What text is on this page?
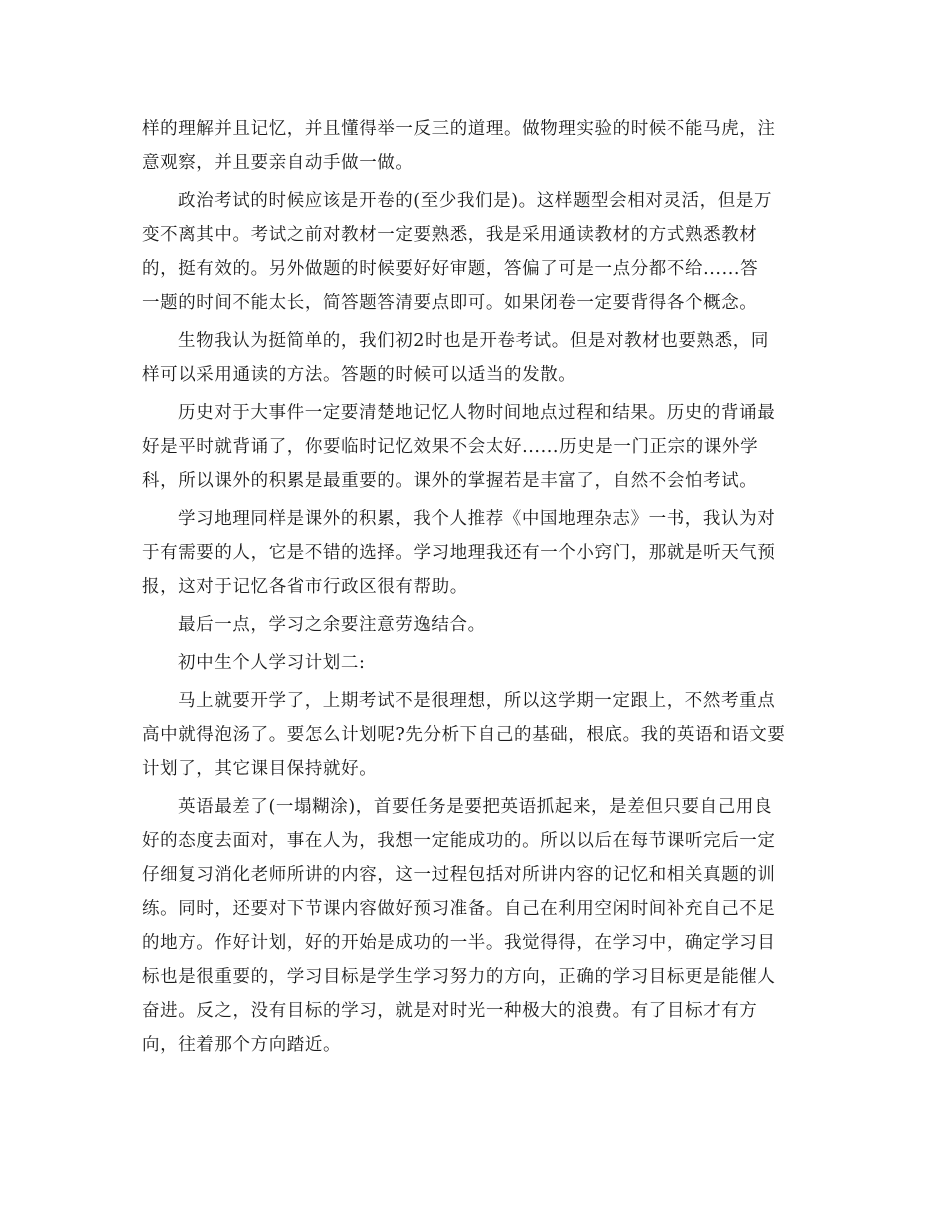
样的理解并且记忆，并且懂得举一反三的道理。做物理实验的时候不能马虎，注
意观察，并且要亲自动手做一做。
政治考试的时候应该是开卷的(至少我们是)。这样题型会相对灵活，但是万
变不离其中。考试之前对教材一定要熟悉，我是采用通读教材的方式熟悉教材
的，挺有效的。另外做题的时候要好好审题，答偏了可是一点分都不给......答
一题的时间不能太长，简答题答清要点即可。如果闭卷一定要背得各个概念。
生物我认为挺简单的，我们初2时也是开卷考试。但是对教材也要熟悉，同
样可以采用通读的方法。答题的时候可以适当的发散。
历史对于大事件一定要清楚地记忆人物时间地点过程和结果。历史的背诵最
好是平时就背诵了，你要临时记忆效果不会太好......历史是一门正宗的课外学
科，所以课外的积累是最重要的。课外的掌握若是丰富了，自然不会怕考试。
学习地理同样是课外的积累，我个人推荐《中国地理杂志》一书，我认为对
于有需要的人，它是不错的选择。学习地理我还有一个小窍门，那就是听天气预
报，这对于记忆各省市行政区很有帮助。
最后一点，学习之余要注意劳逸结合。
初中生个人学习计划二:
马上就要开学了，上期考试不是很理想，所以这学期一定跟上，不然考重点
高中就得泡汤了。要怎么计划呢?先分析下自己的基础，根底。我的英语和语文要
计划了，其它课目保持就好。
英语最差了(一塌糊涂)，首要任务是要把英语抓起来，是差但只要自己用良
好的态度去面对，事在人为，我想一定能成功的。所以以后在每节课听完后一定
仔细复习消化老师所讲的内容，这一过程包括对所讲内容的记忆和相关真题的训
练。同时，还要对下节课内容做好预习准备。自己在利用空闲时间补充自己不足
的地方。作好计划，好的开始是成功的一半。我觉得得，在学习中，确定学习目
标也是很重要的，学习目标是学生学习努力的方向，正确的学习目标更是能催人
奋进。反之，没有目标的学习，就是对时光一种极大的浪费。有了目标才有方
向，往着那个方向踏近。
